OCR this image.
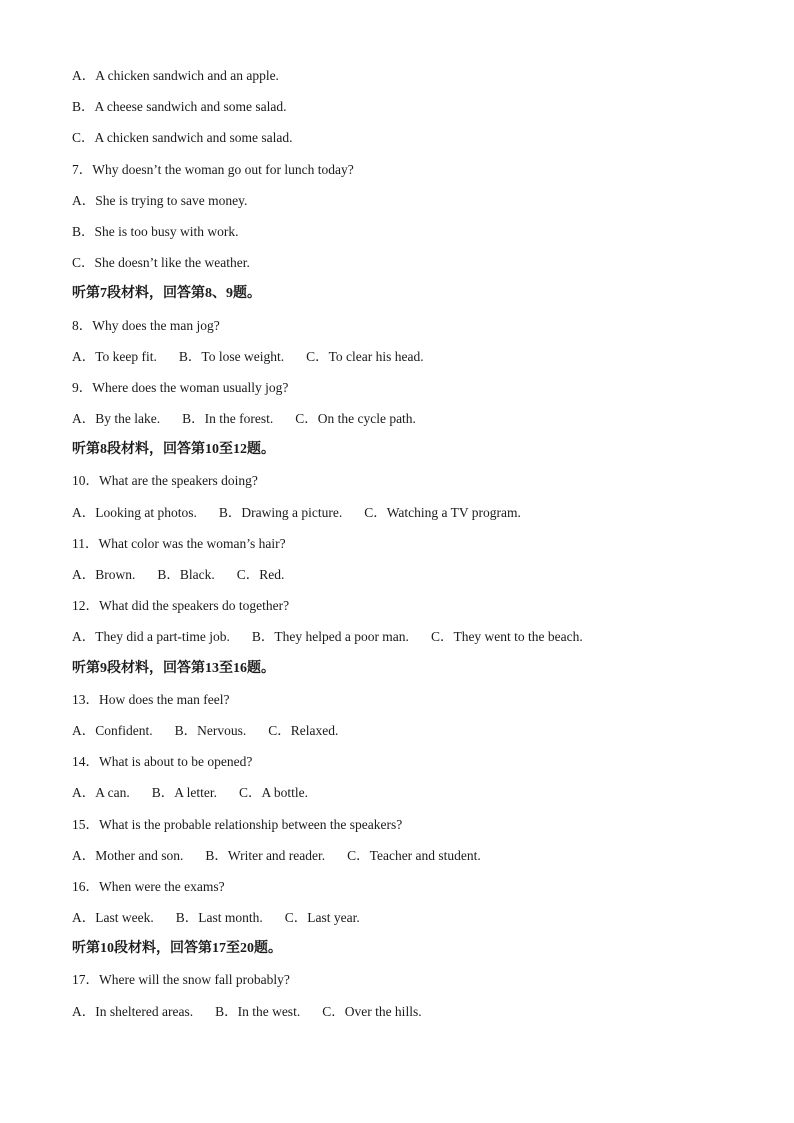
A．A chicken sandwich and an apple.
B．A cheese sandwich and some salad.
C．A chicken sandwich and some salad.
7．Why doesn’t the woman go out for lunch today?
A．She is trying to save money.
B．She is too busy with work.
C．She doesn’t like the weather.
听第7段材料，回答第8、9题。
8．Why does the man jog?
A．To keep fit. B．To lose weight. C．To clear his head.
9．Where does the woman usually jog?
A．By the lake. B．In the forest. C．On the cycle path.
听第8段材料，回答第10至12题。
10．What are the speakers doing?
A．Looking at photos. B．Drawing a picture. C．Watching a TV program.
11．What color was the woman’s hair?
A．Brown. B．Black. C．Red.
12．What did the speakers do together?
A．They did a part-time job. B．They helped a poor man. C．They went to the beach.
听第9段材料，回答第13至16题。
13．How does the man feel?
A．Confident. B．Nervous. C．Relaxed.
14．What is about to be opened?
A．A can. B．A letter. C．A bottle.
15．What is the probable relationship between the speakers?
A．Mother and son. B．Writer and reader. C．Teacher and student.
16．When were the exams?
A．Last week. B．Last month. C．Last year.
听第10段材料，回答第17至20题。
17．Where will the snow fall probably?
A．In sheltered areas. B．In the west. C．Over the hills.
